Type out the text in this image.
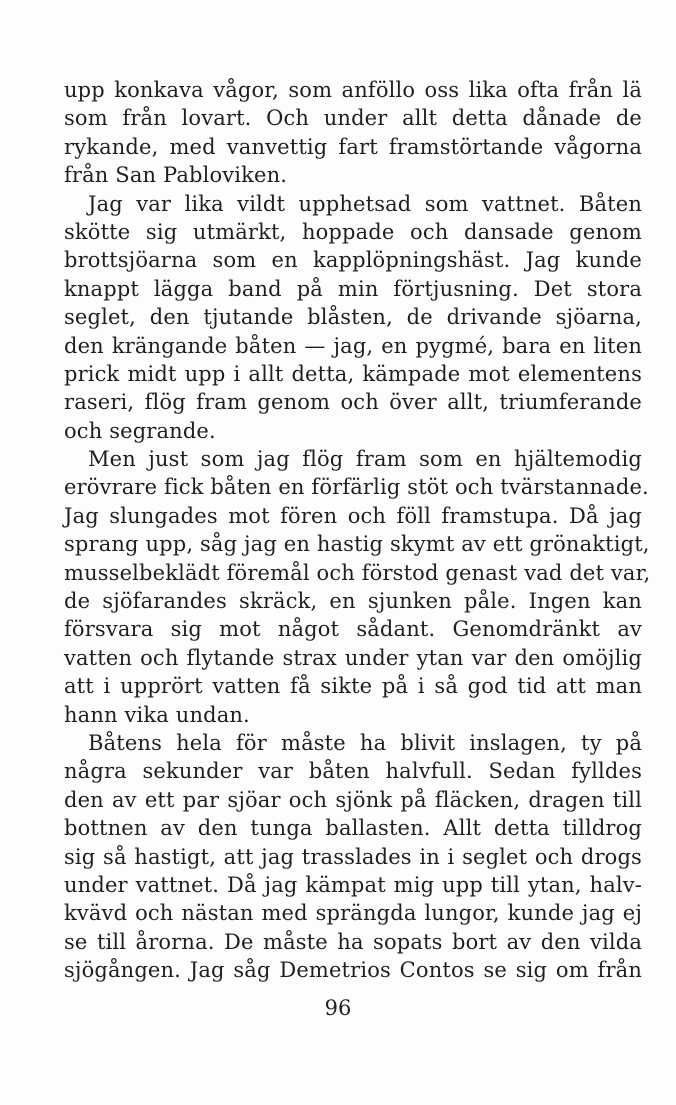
upp konkava vågor, som anföllo oss lika ofta från lä
som från lovart. Och under allt detta dånade de
rykande, med vanvettig fart framstörtande vågorna
från San Pabloviken.
Jag var lika vildt upphetsad som vattnet. Båten
skötte sig utmärkt, hoppade och dansade genom
brottsjöarna som en kapplöpningshäst. Jag kunde
knappt lägga band på min förtjusning. Det stora
seglet, den tjutande blåsten, de drivande sjöarna,
den krängande båten — jag, en pygmé, bara en liten
prick midt upp i allt detta, kämpade mot elementens
raseri, flög fram genom och över allt, triumferande
och segrande.
Men just som jag flög fram som en hjältemodig
erövrare fick båten en förfärlig stöt och tvärstannade.
Jag slungades mot fören och föll framstupa. Då jag
sprang upp, såg jag en hastig skymt av ett grönaktigt,
musselbeklädt föremål och förstod genast vad det var,
de sjöfarandes skräck, en sjunken påle. Ingen kan
försvara sig mot något sådant. Genomdränkt av
vatten och flytande strax under ytan var den omöjlig
att i upprört vatten få sikte på i så god tid att man
hann vika undan.
Båtens hela för måste ha blivit inslagen, ty på
några sekunder var båten halvfull. Sedan fylldes
den av ett par sjöar och sjönk på fläcken, dragen till
bottnen av den tunga ballasten. Allt detta tilldrog
sig så hastigt, att jag trasslades in i seglet och drogs
under vattnet. Då jag kämpat mig upp till ytan, halv-
kvävd och nästan med sprängda lungor, kunde jag ej
se till årorna. De måste ha sopats bort av den vilda
sjögången. Jag såg Demetrios Contos se sig om från
96
